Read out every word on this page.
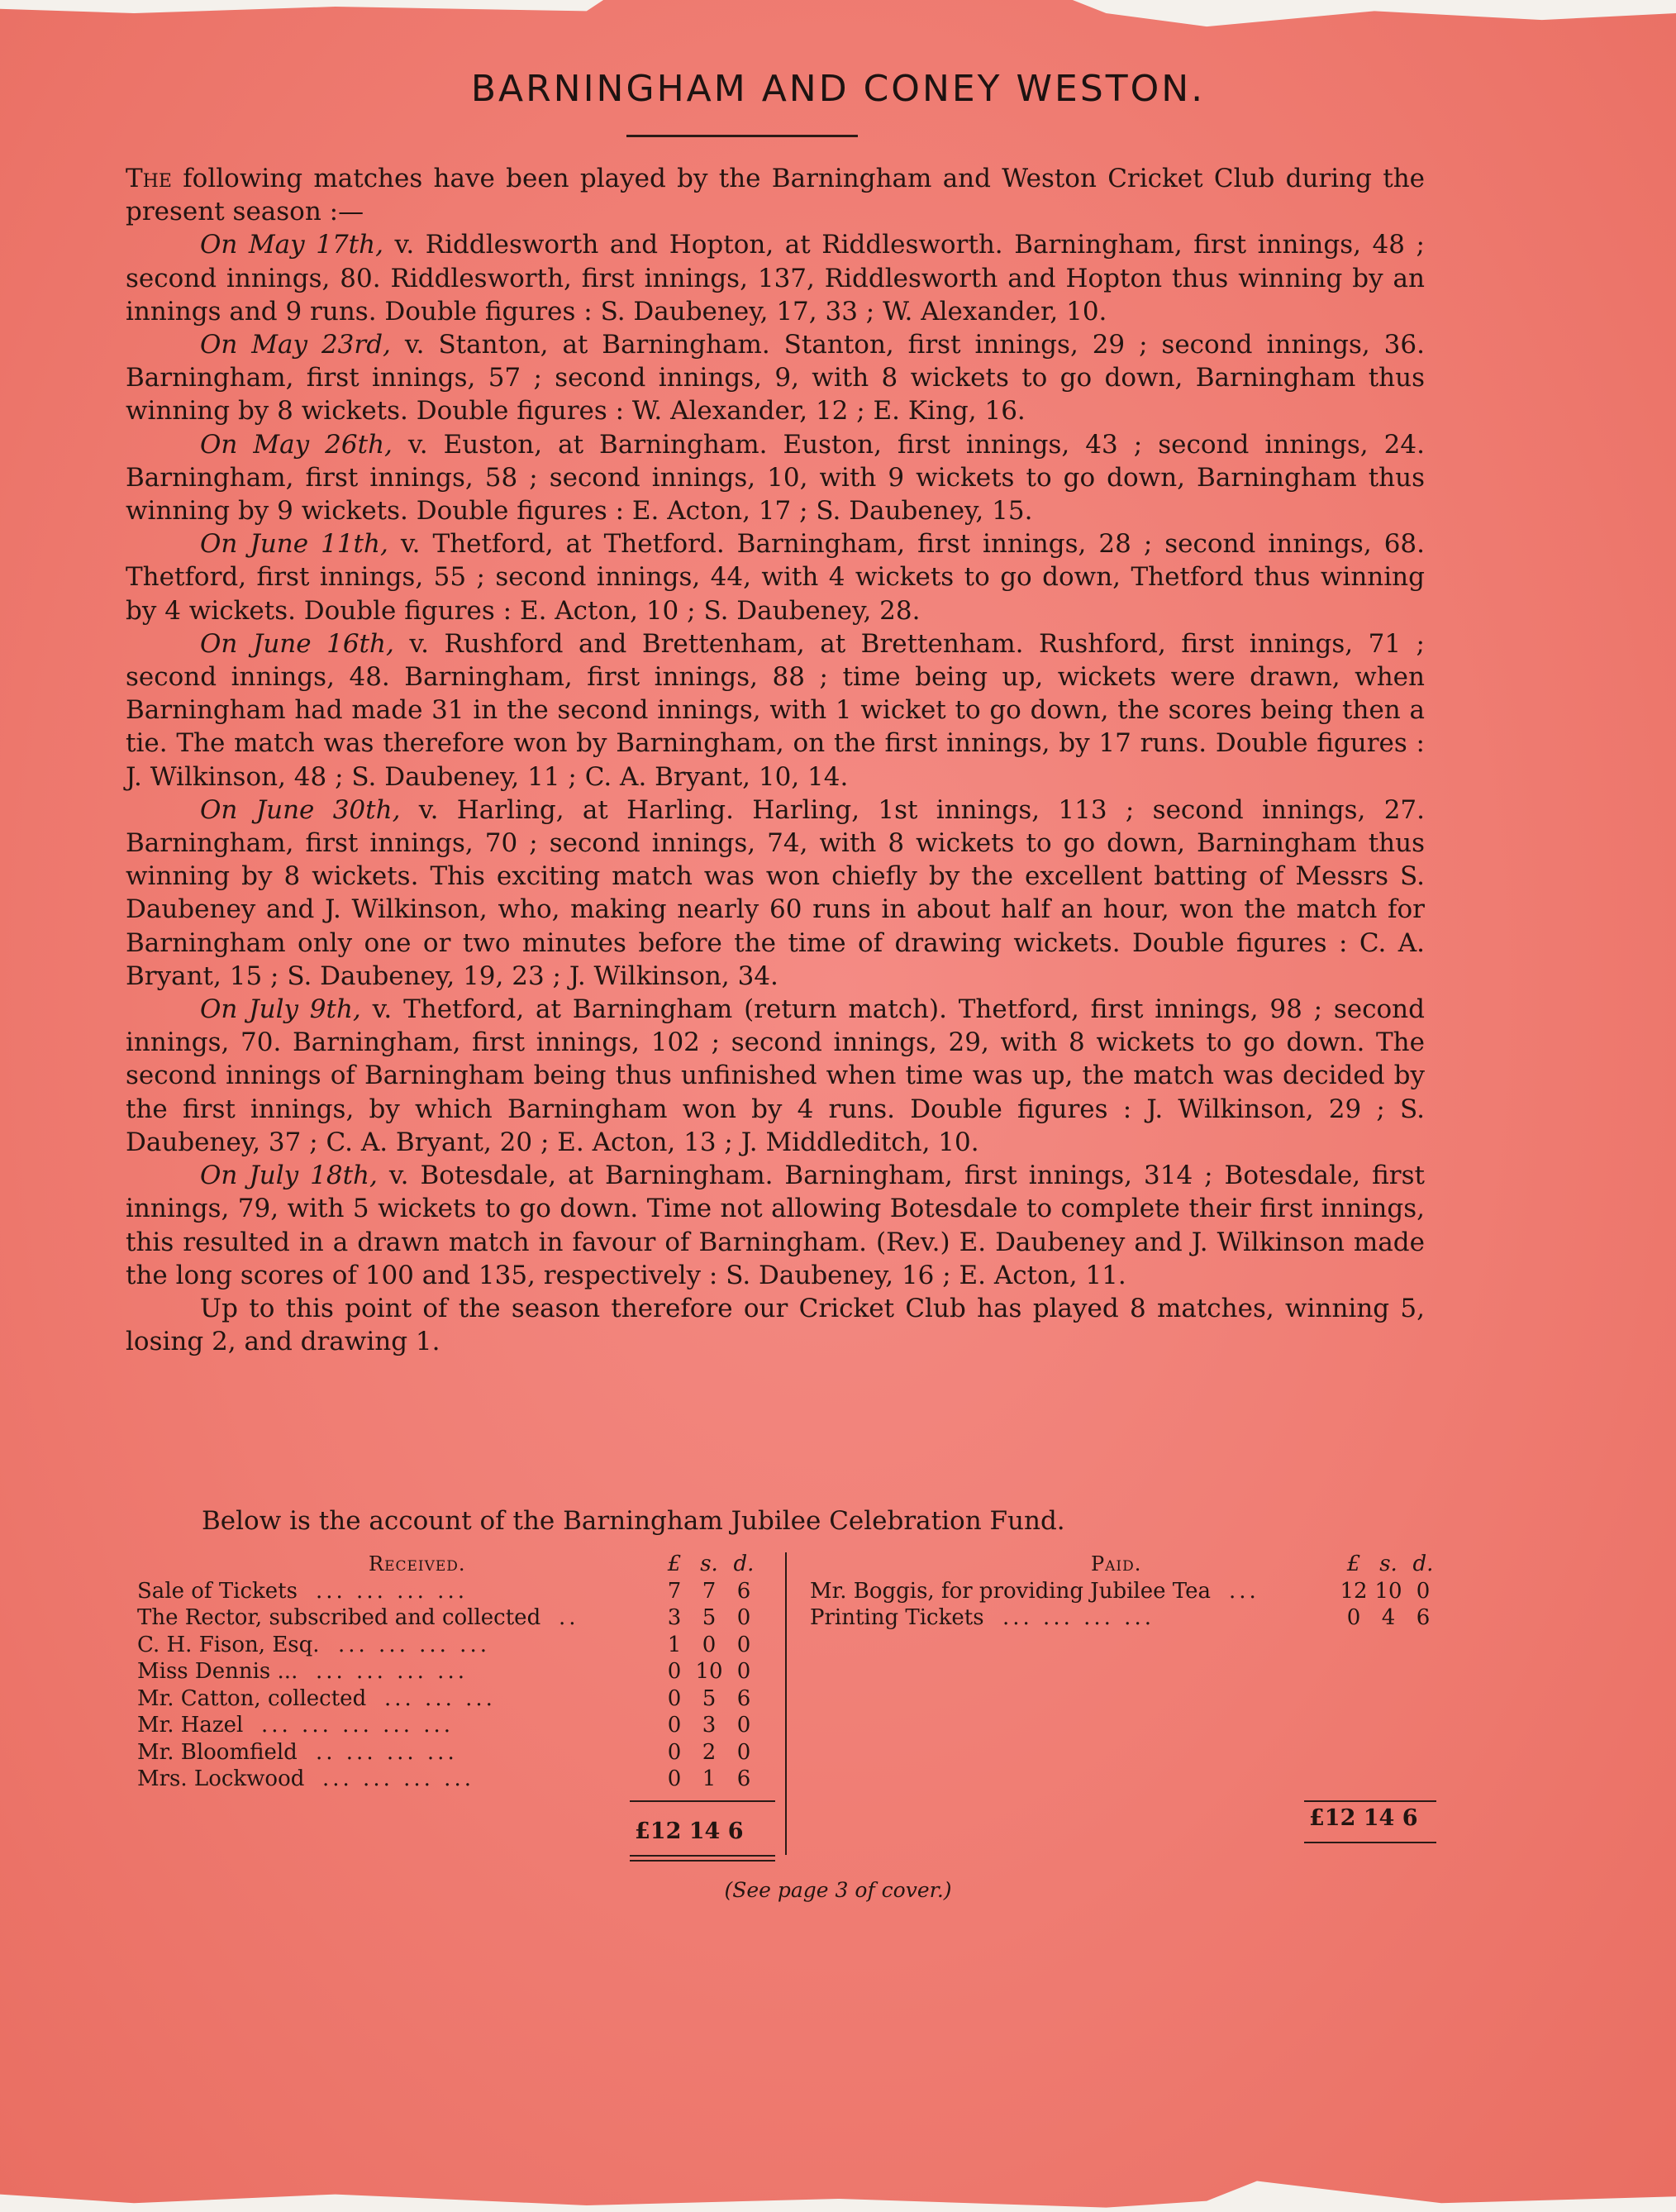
BARNINGHAM AND CONEY WESTON.

The following matches have been played by the Barningham and Weston Cricket Club during the present season :—

On May 17th, v. Riddlesworth and Hopton, at Riddlesworth. Barningham, first innings, 48 ; second innings, 80. Riddlesworth, first innings, 137, Riddlesworth and Hopton thus winning by an innings and 9 runs. Double figures : S. Daubeney, 17, 33 ; W. Alexander, 10.

On May 23rd, v. Stanton, at Barningham. Stanton, first innings, 29 ; second innings, 36. Barningham, first innings, 57 ; second innings, 9, with 8 wickets to go down, Barningham thus winning by 8 wickets. Double figures : W. Alexander, 12 ; E. King, 16.

On May 26th, v. Euston, at Barningham. Euston, first innings, 43 ; second innings, 24. Barningham, first innings, 58 ; second innings, 10, with 9 wickets to go down, Barningham thus winning by 9 wickets. Double figures : E. Acton, 17 ; S. Daubeney, 15.

On June 11th, v. Thetford, at Thetford. Barningham, first innings, 28 ; second innings, 68. Thetford, first innings, 55 ; second innings, 44, with 4 wickets to go down, Thetford thus winning by 4 wickets. Double figures : E. Acton, 10 ; S. Daubeney, 28.

On June 16th, v. Rushford and Brettenham, at Brettenham. Rushford, first innings, 71 ; second innings, 48. Barningham, first innings, 88 ; time being up, wickets were drawn, when Barningham had made 31 in the second innings, with 1 wicket to go down, the scores being then a tie. The match was therefore won by Barningham, on the first innings, by 17 runs. Double figures : J. Wilkinson, 48 ; S. Daubeney, 11 ; C. A. Bryant, 10, 14.

On June 30th, v. Harling, at Harling. Harling, 1st innings, 113 ; second innings, 27. Barningham, first innings, 70 ; second innings, 74, with 8 wickets to go down, Barningham thus winning by 8 wickets. This exciting match was won chiefly by the excellent batting of Messrs S. Daubeney and J. Wilkinson, who, making nearly 60 runs in about half an hour, won the match for Barningham only one or two minutes before the time of drawing wickets. Double figures : C. A. Bryant, 15 ; S. Daubeney, 19, 23 ; J. Wilkinson, 34.

On July 9th, v. Thetford, at Barningham (return match). Thetford, first innings, 98 ; second innings, 70. Barningham, first innings, 102 ; second innings, 29, with 8 wickets to go down. The second innings of Barningham being thus unfinished when time was up, the match was decided by the first innings, by which Barningham won by 4 runs. Double figures : J. Wilkinson, 29 ; S. Daubeney, 37 ; C. A. Bryant, 20 ; E. Acton, 13 ; J. Middleditch, 10.

On July 18th, v. Botesdale, at Barningham. Barningham, first innings, 314 ; Botesdale, first innings, 79, with 5 wickets to go down. Time not allowing Botesdale to complete their first innings, this resulted in a drawn match in favour of Barningham. (Rev.) E. Daubeney and J. Wilkinson made the long scores of 100 and 135, respectively : S. Daubeney, 16 ; E. Acton, 11.

Up to this point of the season therefore our Cricket Club has played 8 matches, winning 5, losing 2, and drawing 1.

Below is the account of the Barningham Jubilee Celebration Fund.

Received.	£ s. d.
Sale of Tickets ... ... ... ...	7 7 6
The Rector, subscribed and collected ..	3 5 0
C. H. Fison, Esq. ... ... ... ...	1 0 0
Miss Dennis ... ... ... ... ...	0 10 0
Mr. Catton, collected ... ... ...	0 5 6
Mr. Hazel ... ... ... ... ...	0 3 0
Mr. Bloomfield .. ... ... ...	0 2 0
Mrs. Lockwood ... ... ... ...	0 1 6
£12 14 6
Paid.	£ s. d.
Mr. Boggis, for providing Jubilee Tea ...	12 10 0
Printing Tickets ... ... ... ...	0 4 6
£12 14 6
(See page 3 of cover.)
